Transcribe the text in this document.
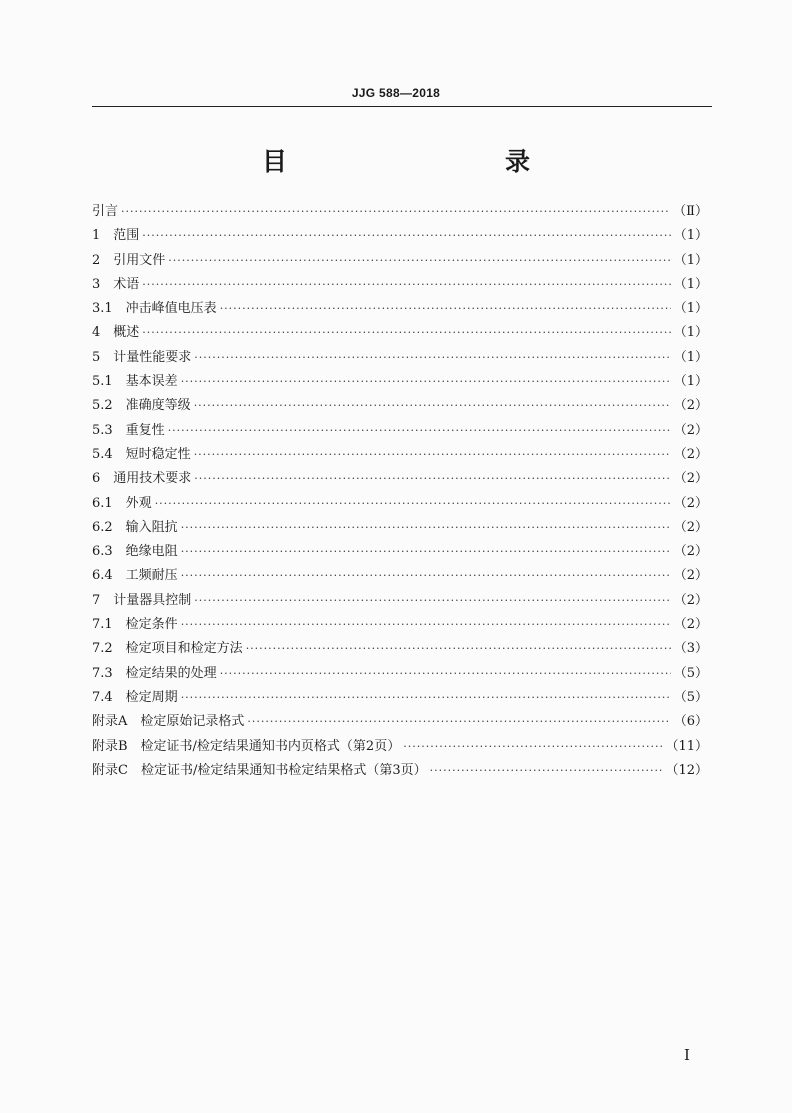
JJG 588—2018
目　　录
引言 ·····	（Ⅱ）
1　范围 ·····	（1）
2　引用文件 ·····	（1）
3　术语 ·····	（1）
3.1　冲击峰值电压表 ·····	（1）
4　概述 ·····	（1）
5　计量性能要求 ·····	（1）
5.1　基本误差 ·····	（1）
5.2　准确度等级 ·····	（2）
5.3　重复性 ·····	（2）
5.4　短时稳定性 ·····	（2）
6　通用技术要求 ·····	（2）
6.1　外观 ·····	（2）
6.2　输入阻抗 ·····	（2）
6.3　绝缘电阻 ·····	（2）
6.4　工频耐压 ·····	（2）
7　计量器具控制 ·····	（2）
7.1　检定条件 ·····	（2）
7.2　检定项目和检定方法 ·····	（3）
7.3　检定结果的处理 ·····	（5）
7.4　检定周期 ·····	（5）
附录A　检定原始记录格式 ·····	（6）
附录B　检定证书/检定结果通知书内页格式（第2页） ·····	（11）
附录C　检定证书/检定结果通知书检定结果格式（第3页） ·····	（12）
I
